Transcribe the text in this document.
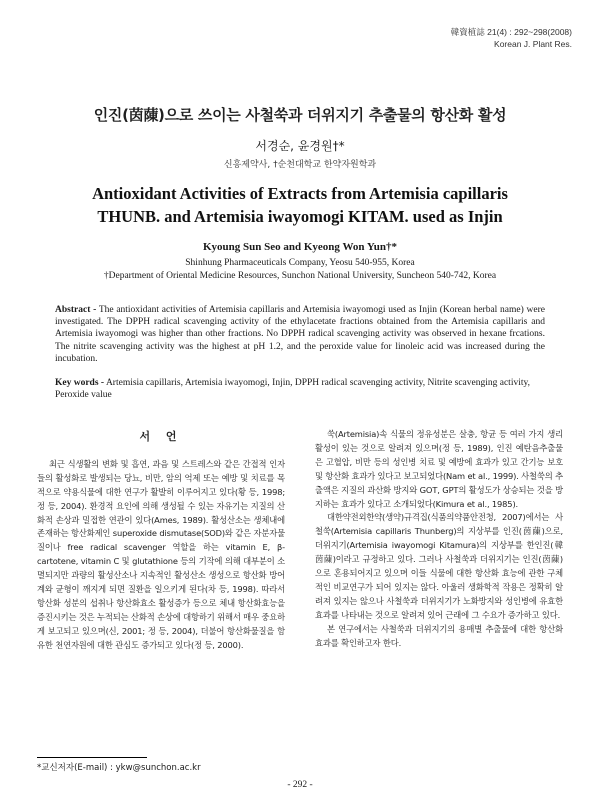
韓資植誌 21(4) : 292~298(2008)
Korean J. Plant Res.
인진(茵蔯)으로 쓰이는 사철쑥과 더위지기 추출물의 항산화 활성
서경순, 윤경원†*
신흥제약사, †순천대학교 한약자원학과
Antioxidant Activities of Extracts from Artemisia capillaris
THUNB. and Artemisia iwayomogi KITAM. used as Injin
Kyoung Sun Seo and Kyeong Won Yun†*
Shinhung Pharmaceuticals Company, Yeosu 540-955, Korea
†Department of Oriental Medicine Resources, Sunchon National University, Suncheon 540-742, Korea
Abstract - The antioxidant activities of Artemisia capillaris and Artemisia iwayomogi used as Injin (Korean herbal name) were investigated. The DPPH radical scavenging activity of the ethylacetate fractions obtained from the Artemisia capillaris and Artemisia iwayomogi was higher than other fractions. No DPPH radical scavenging activity was observed in hexane frcations. The nitrite scavenging activity was the highest at pH 1.2, and the peroxide value for linoleic acid was increased during the incubation.
Key words - Artemisia capillaris, Artemisia iwayomogi, Injin, DPPH radical scavenging activity, Nitrite scavenging activity, Peroxide value

서 언

최근 식생활의 변화 및 흡연, 과음 및 스트레스와 같은 간접적 인자들의 활성화로 발생되는 당뇨, 비만, 암의 억제 또는 예방 및 치료를 목적으로 약용식물에 대한 연구가 활발히 이루어지고 있다(황 등, 1998; 정 등, 2004). 환경적 요인에 의해 생성될 수 있는 자유기는 지질의 산화적 손상과 밀접한 연관이 있다(Ames, 1989). 활성산소는 생체내에 존재하는 항산화제인 superoxide dismutase(SOD)와 같은 자분자물질이나 free radical scavenger 역할을 하는 vitamin E, β-cartotene, vitamin C 및 glutathione 등의 기작에 의해 대부분이 소멸되지만 과량의 활성산소나 지속적인 활성산소 생성으로 항산화 방어계와 균형이 깨지게 되면 질환을 일으키게 된다(차 등, 1998). 따라서 항산화 성분의 섭취나 항산화효소 활성증가 등으로 체내 항산화효능을 증진시키는 것은 누적되는 산화적 손상에 대항하기 위해서 매우 중요하게 보고되고 있으며(신, 2001; 정 등, 2004), 더불어 항산화물질을 함유한 천연자원에 대한 관심도 증가되고 있다(정 등, 2000).

쑥(Artemisia)속 식물의 정유성분은 살충, 항균 등 여러 가지 생리활성이 있는 것으로 알려져 있으며(정 등, 1989), 인진 예탄음추출물은 고혈압, 비만 등의 성인병 치료 및 예방에 효과가 있고 간기능 보호 및 항산화 효과가 있다고 보고되었다(Nam et al., 1999). 사철쑥의 추출액은 지질의 과산화 방지와 GOT, GPT의 활성도가 상승되는 것을 방지하는 효과가 있다고 소개되었다(Kimura et al., 1985).

대한약전외한약(생약)규격집(식품의약품안전청, 2007)에서는 사철쑥(Artemisia capillaris Thunberg)의 지상부를 인진(茵蔯)으로, 더위지기(Artemisia iwayomogi Kitamura)의 지상부를 한인진(韓茵蔯)이라고 규정하고 있다. 그러나 사철쑥과 더위지기는 인진(茵蔯)으로 혼용되어지고 있으며 이들 식물에 대한 항산화 효능에 관한 구체적인 비교연구가 되어 있지는 않다. 아울러 생화학적 작용은 정확히 알려져 있지는 않으나 사철쑥과 더위지기가 노화방지와 성인병에 유효한 효과를 나타내는 것으로 알려져 있어 근래에 그 수요가 증가하고 있다.

본 연구에서는 사철쑥과 더위지기의 용매별 추출물에 대한 항산화효과를 확인하고자 한다.

*교신저자(E-mail) : ykw@sunchon.ac.kr
- 292 -
